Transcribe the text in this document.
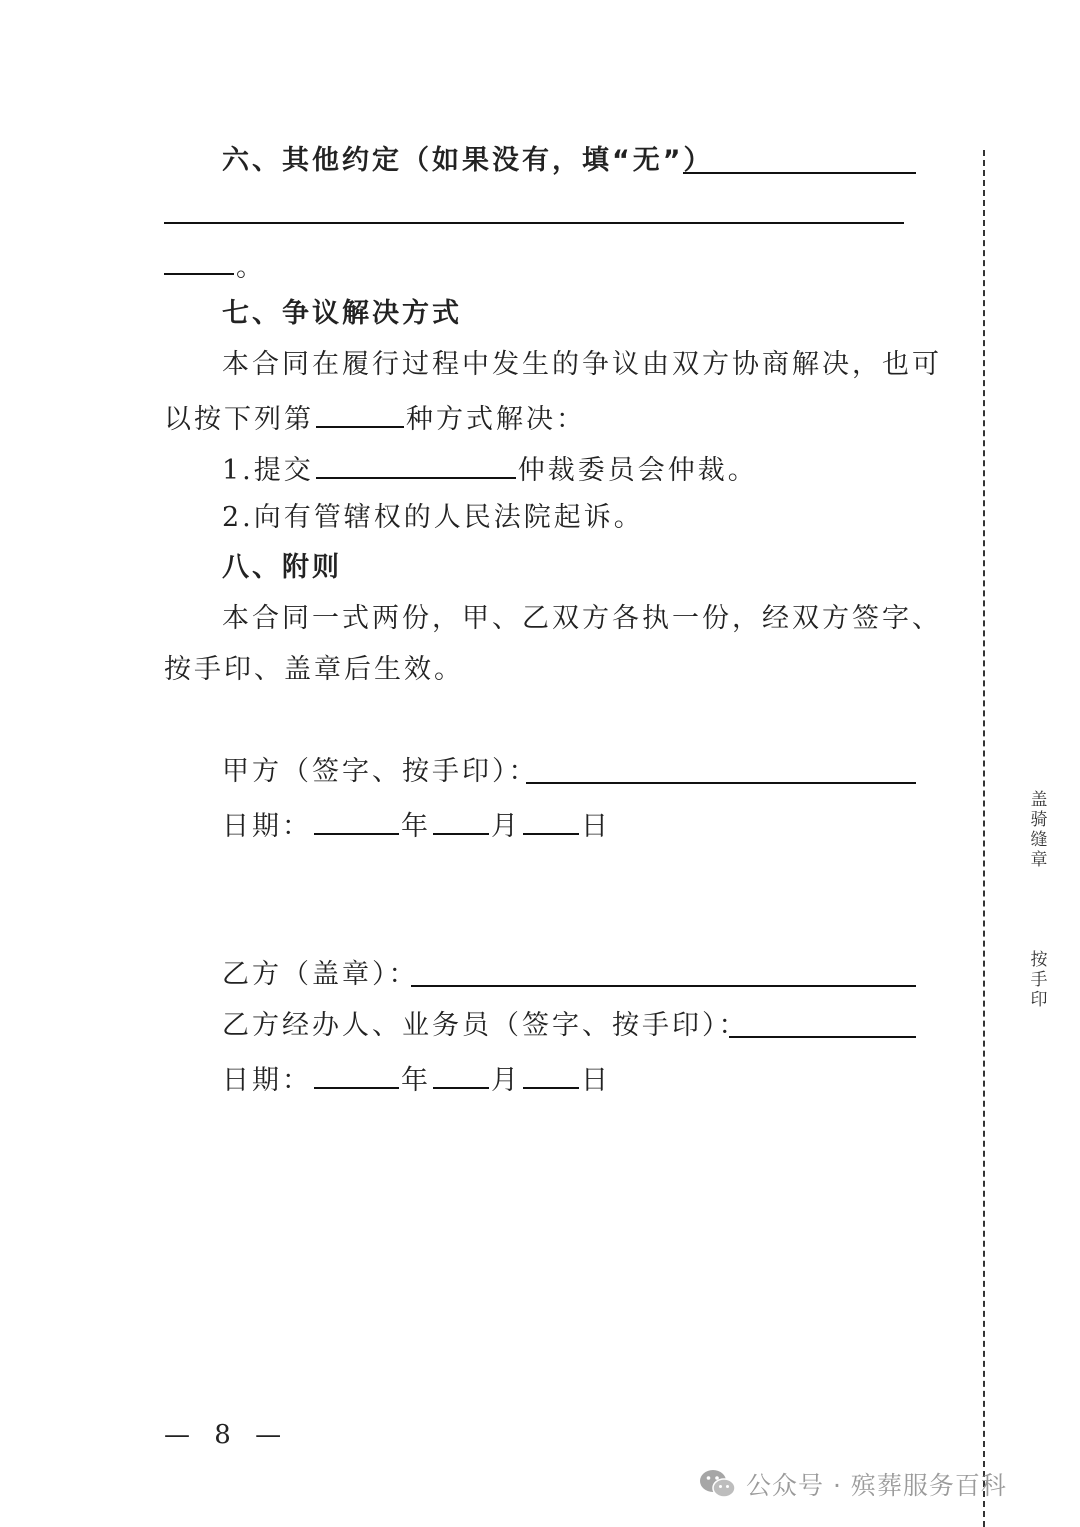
六、其他约定（如果没有，填“无”）
。
七、争议解决方式
本合同在履行过程中发生的争议由双方协商解决，也可
以按下列第	种方式解决：
1.提交	仲裁委员会仲裁。
2.向有管辖权的人民法院起诉。
八、附则
本合同一式两份，甲、乙双方各执一份，经双方签字、
按手印、盖章后生效。
甲方（签字、按手印）：
日期：	年 月 日
乙方（盖章）：
乙方经办人、业务员（签字、按手印）：
日期：	年 月 日
盖骑缝章
按手印
— 8 —
公众号 · 殡葬服务百科
